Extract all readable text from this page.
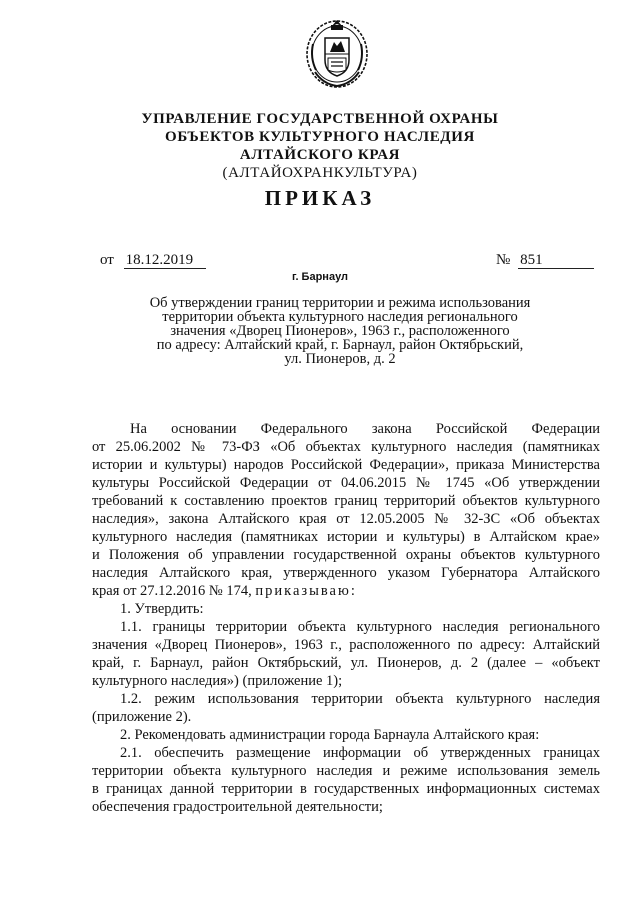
УПРАВЛЕНИЕ ГОСУДАРСТВЕННОЙ ОХРАНЫ
ОБЪЕКТОВ КУЛЬТУРНОГО НАСЛЕДИЯ
АЛТАЙСКОГО КРАЯ
(АЛТАЙОХРАНКУЛЬТУРА)
ПРИКАЗ
от 18.12.2019	№ 851
г. Барнаул
Об утверждении границ территории и режима использования
территории объекта культурного наследия регионального
значения «Дворец Пионеров», 1963 г., расположенного
по адресу: Алтайский край, г. Барнаул, район Октябрьский,
ул. Пионеров, д. 2
На основании Федерального закона Российской Федерации
от 25.06.2002 № 73-ФЗ «Об объектах культурного наследия (памятниках
истории и культуры) народов Российской Федерации», приказа Министерства
культуры Российской Федерации от 04.06.2015 № 1745 «Об утверждении
требований к составлению проектов границ территорий объектов культурного
наследия», закона Алтайского края от 12.05.2005 № 32-ЗС «Об объектах
культурного наследия (памятниках истории и культуры) в Алтайском крае»
и Положения об управлении государственной охраны объектов культурного
наследия Алтайского края, утвержденного указом Губернатора Алтайского
края от 27.12.2016 № 174, приказываю:
1. Утвердить:
1.1. границы территории объекта культурного наследия регионального
значения «Дворец Пионеров», 1963 г., расположенного по адресу: Алтайский
край, г. Барнаул, район Октябрьский, ул. Пионеров, д. 2 (далее – «объект
культурного наследия») (приложение 1);
1.2. режим использования территории объекта культурного наследия
(приложение 2).
2. Рекомендовать администрации города Барнаула Алтайского края:
2.1. обеспечить размещение информации об утвержденных границах
территории объекта культурного наследия и режиме использования земель
в границах данной территории в государственных информационных системах
обеспечения градостроительной деятельности;
